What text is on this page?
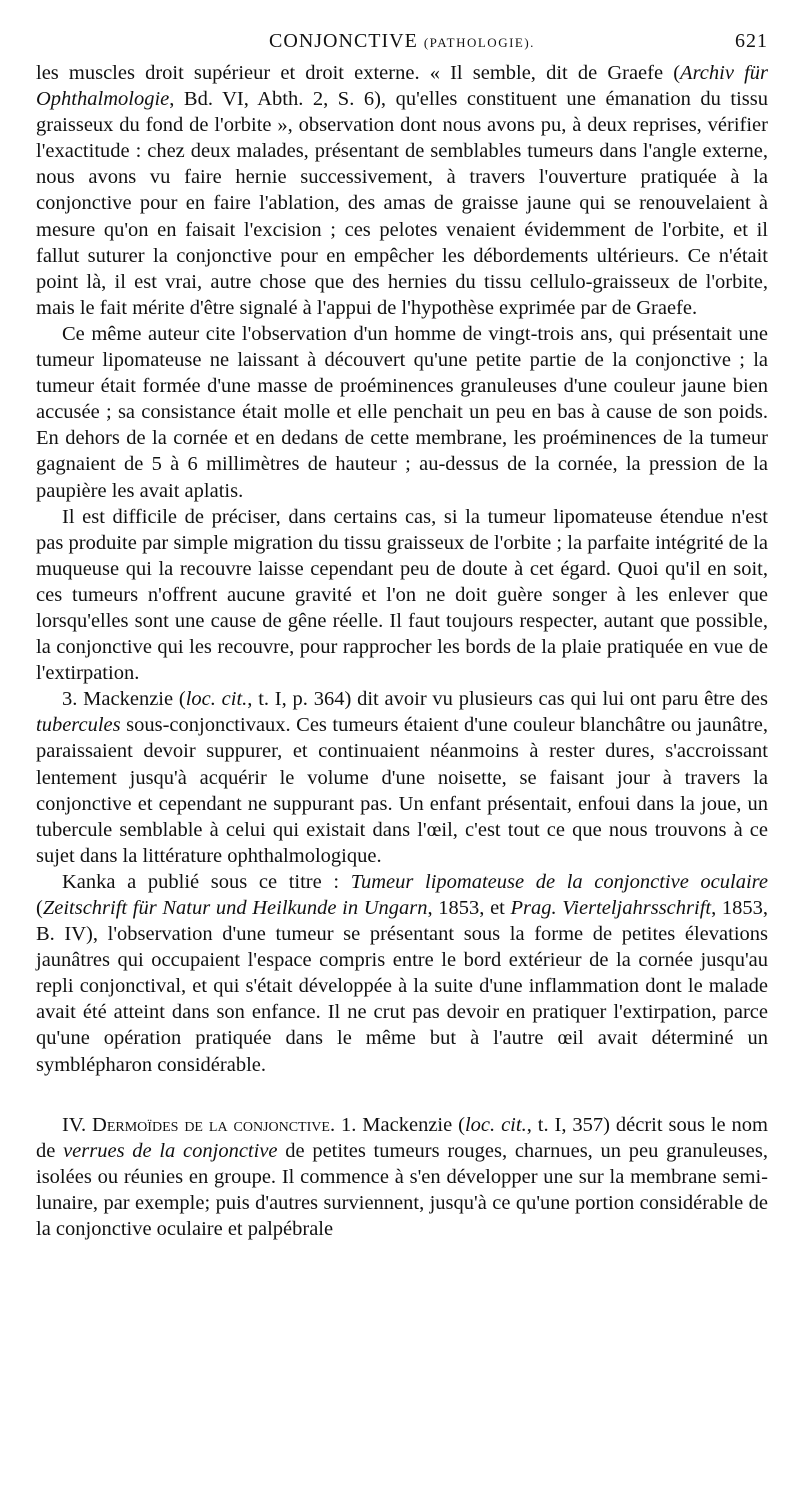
CONJONCTIVE (PATHOLOGIE).	621

les muscles droit supérieur et droit externe. « Il semble, dit de Graefe (Archiv für Ophthalmologie, Bd. VI, Abth. 2, S. 6), qu'elles constituent une émanation du tissu graisseux du fond de l'orbite », observation dont nous avons pu, à deux reprises, vérifier l'exactitude : chez deux malades, présentant de semblables tumeurs dans l'angle externe, nous avons vu faire hernie successivement, à travers l'ouverture pratiquée à la conjonctive pour en faire l'ablation, des amas de graisse jaune qui se renouvelaient à mesure qu'on en faisait l'excision ; ces pelotes venaient évidemment de l'orbite, et il fallut suturer la conjonctive pour en empêcher les débordements ultérieurs. Ce n'était point là, il est vrai, autre chose que des hernies du tissu cellulo-graisseux de l'orbite, mais le fait mérite d'être signalé à l'appui de l'hypothèse exprimée par de Graefe.

Ce même auteur cite l'observation d'un homme de vingt-trois ans, qui présentait une tumeur lipomateuse ne laissant à découvert qu'une petite partie de la conjonctive ; la tumeur était formée d'une masse de proéminences granuleuses d'une couleur jaune bien accusée ; sa consistance était molle et elle penchait un peu en bas à cause de son poids. En dehors de la cornée et en dedans de cette membrane, les proéminences de la tumeur gagnaient de 5 à 6 millimètres de hauteur ; au-dessus de la cornée, la pression de la paupière les avait aplatis.

Il est difficile de préciser, dans certains cas, si la tumeur lipomateuse étendue n'est pas produite par simple migration du tissu graisseux de l'orbite ; la parfaite intégrité de la muqueuse qui la recouvre laisse cependant peu de doute à cet égard. Quoi qu'il en soit, ces tumeurs n'offrent aucune gravité et l'on ne doit guère songer à les enlever que lorsqu'elles sont une cause de gêne réelle. Il faut toujours respecter, autant que possible, la conjonctive qui les recouvre, pour rapprocher les bords de la plaie pratiquée en vue de l'extirpation.

3. Mackenzie (loc. cit., t. I, p. 364) dit avoir vu plusieurs cas qui lui ont paru être des tubercules sous-conjonctivaux. Ces tumeurs étaient d'une couleur blanchâtre ou jaunâtre, paraissaient devoir suppurer, et continuaient néanmoins à rester dures, s'accroissant lentement jusqu'à acquérir le volume d'une noisette, se faisant jour à travers la conjonctive et cependant ne suppurant pas. Un enfant présentait, enfoui dans la joue, un tubercule semblable à celui qui existait dans l'œil, c'est tout ce que nous trouvons à ce sujet dans la littérature ophthalmologique.

Kanka a publié sous ce titre : Tumeur lipomateuse de la conjonctive oculaire (Zeitschrift für Natur und Heilkunde in Ungarn, 1853, et Prag. Vierteljahrsschrift, 1853, B. IV), l'observation d'une tumeur se présentant sous la forme de petites élevations jaunâtres qui occupaient l'espace compris entre le bord extérieur de la cornée jusqu'au repli conjonctival, et qui s'était développée à la suite d'une inflammation dont le malade avait été atteint dans son enfance. Il ne crut pas devoir en pratiquer l'extirpation, parce qu'une opération pratiquée dans le même but à l'autre œil avait déterminé un symblépharon considérable.

IV. Dermoïdes de la conjonctive. 1. Mackenzie (loc. cit., t. I, 357) décrit sous le nom de verrues de la conjonctive de petites tumeurs rouges, charnues, un peu granuleuses, isolées ou réunies en groupe. Il commence à s'en développer une sur la membrane semi-lunaire, par exemple; puis d'autres surviennent, jusqu'à ce qu'une portion considérable de la conjonctive oculaire et palpébrale
